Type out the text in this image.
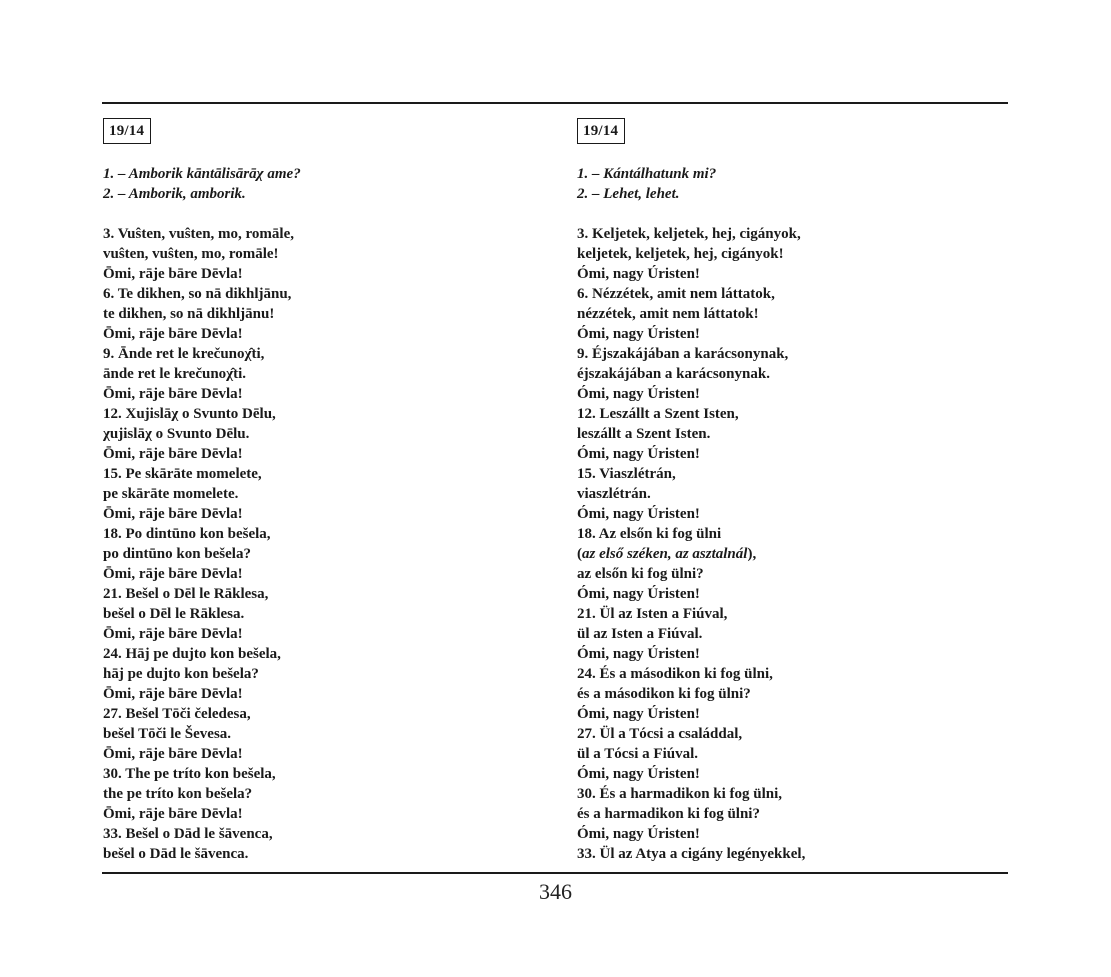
19/14
1. – Amborik kāntālisārāχ ame?
2. – Amborik, amborik.
3. Vuŝten, vuŝten, mo, romāle,
vuŝten, vuŝten, mo, romāle!
Ōmi, rāje bāre Dēvla!
6. Te dikhen, so nā dikhljānu,
te dikhen, so nā dikhljānu!
Ōmi, rāje bāre Dēvla!
9. Ānde ret le krečunoχ̂ti,
ānde ret le krečunoχ̂ti.
Ōmi, rāje bāre Dēvla!
12. Xujislāχ o Svunto Dēlu,
χujislāχ o Svunto Dēlu.
Ōmi, rāje bāre Dēvla!
15. Pe skārāte momelete,
pe skārāte momelete.
Ōmi, rāje bāre Dēvla!
18. Po dintūno kon bešela,
po dintūno kon bešela?
Ōmi, rāje bāre Dēvla!
21. Bešel o Dēl le Rāklesa,
bešel o Dēl le Rāklesa.
Ōmi, rāje bāre Dēvla!
24. Hāj pe dujto kon bešela,
hāj pe dujto kon bešela?
Ōmi, rāje bāre Dēvla!
27. Bešel Tōči čeledesa,
bešel Tōči le Ševesa.
Ōmi, rāje bāre Dēvla!
30. The pe tríto kon bešela,
the pe tríto kon bešela?
Ōmi, rāje bāre Dēvla!
33. Bešel o Dād le šāvenca,
bešel o Dād le šāvenca.
19/14
1. – Kántálhatunk mi?
2. – Lehet, lehet.
3. Keljetek, keljetek, hej, cigányok,
keljetek, keljetek, hej, cigányok!
Ómi, nagy Úristen!
6. Nézzétek, amit nem láttatok,
nézzétek, amit nem láttatok!
Ómi, nagy Úristen!
9. Éjszakájában a karácsonynak,
éjszakájában a karácsonynak.
Ómi, nagy Úristen!
12. Leszállt a Szent Isten,
leszállt a Szent Isten.
Ómi, nagy Úristen!
15. Viaszlétrán,
viaszlétrán.
Ómi, nagy Úristen!
18. Az elsőn ki fog ülni
(az első széken, az asztalnál),
az elsőn ki fog ülni?
Ómi, nagy Úristen!
21. Ül az Isten a Fiúval,
ül az Isten a Fiúval.
Ómi, nagy Úristen!
24. És a másodikon ki fog ülni,
és a másodikon ki fog ülni?
Ómi, nagy Úristen!
27. Ül a Tócsi a családdal,
ül a Tócsi a Fiúval.
Ómi, nagy Úristen!
30. És a harmadikon ki fog ülni,
és a harmadikon ki fog ülni?
Ómi, nagy Úristen!
33. Ül az Atya a cigány legényekkel,
346
